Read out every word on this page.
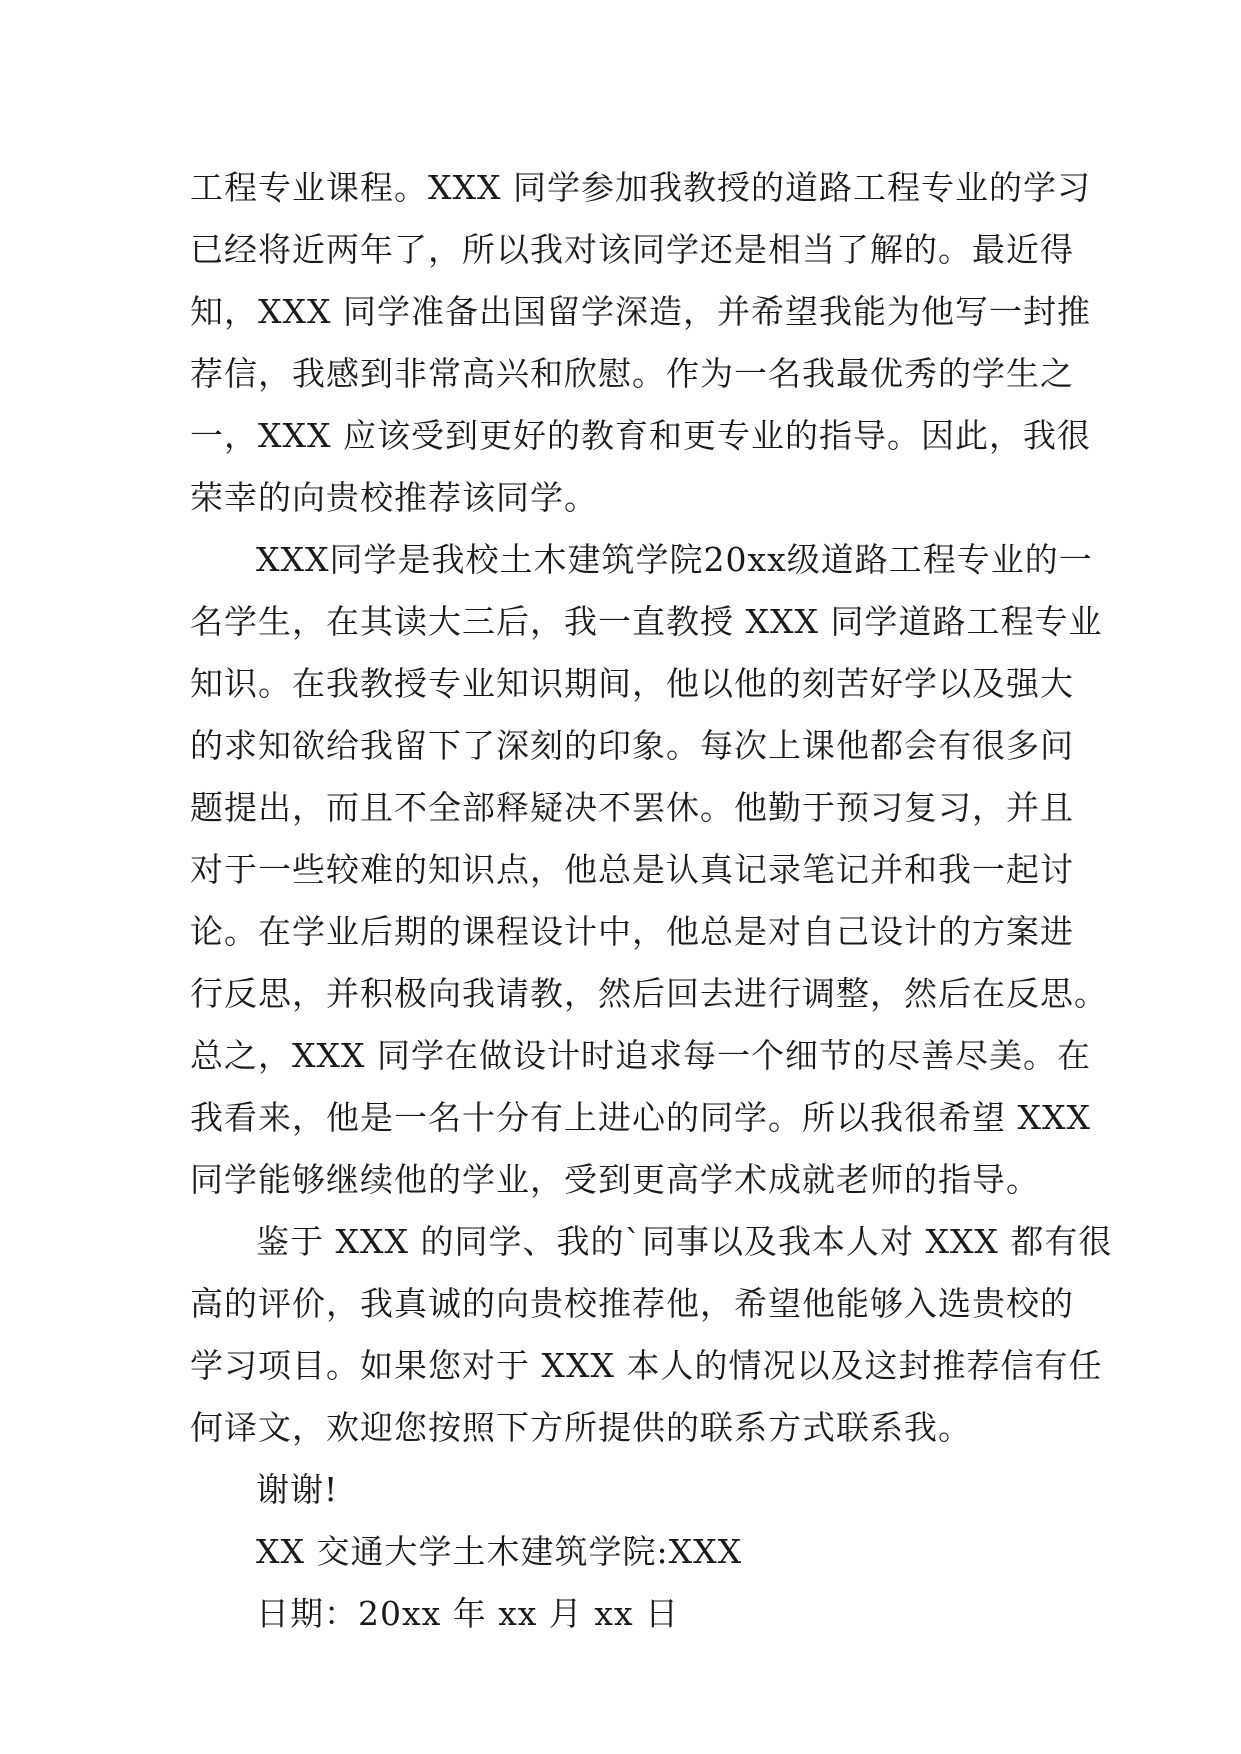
工程专业课程。XXX 同学参加我教授的道路工程专业的学习
已经将近两年了，所以我对该同学还是相当了解的。最近得
知，XXX 同学准备出国留学深造，并希望我能为他写一封推
荐信，我感到非常高兴和欣慰。作为一名我最优秀的学生之
一，XXX 应该受到更好的教育和更专业的指导。因此，我很
荣幸的向贵校推荐该同学。
XXX同学是我校土木建筑学院20xx级道路工程专业的一
名学生，在其读大三后，我一直教授 XXX 同学道路工程专业
知识。在我教授专业知识期间，他以他的刻苦好学以及强大
的求知欲给我留下了深刻的印象。每次上课他都会有很多问
题提出，而且不全部释疑决不罢休。他勤于预习复习，并且
对于一些较难的知识点，他总是认真记录笔记并和我一起讨
论。在学业后期的课程设计中，他总是对自己设计的方案进
行反思，并积极向我请教，然后回去进行调整，然后在反思。
总之，XXX 同学在做设计时追求每一个细节的尽善尽美。在
我看来，他是一名十分有上进心的同学。所以我很希望 XXX
同学能够继续他的学业，受到更高学术成就老师的指导。
鉴于 XXX 的同学、我的`同事以及我本人对 XXX 都有很
高的评价，我真诚的向贵校推荐他，希望他能够入选贵校的
学习项目。如果您对于 XXX 本人的情况以及这封推荐信有任
何译文，欢迎您按照下方所提供的联系方式联系我。
谢谢!
XX 交通大学土木建筑学院:XXX
日期：20xx 年 xx 月 xx 日
